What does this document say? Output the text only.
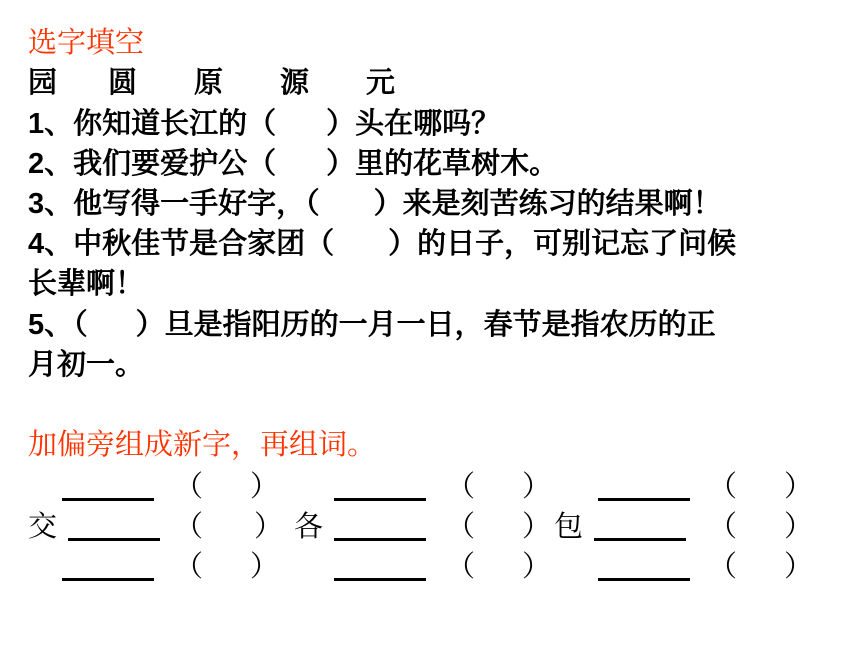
选字填空
园 圆 原 源 元
1、你知道长江的（ ）头在哪吗？
2、我们要爱护公（ ）里的花草树木。
3、他写得一手好字，（ ）来是刻苦练习的结果啊！
4、中秋佳节是合家团（ ）的日子，可别记忘了问候
长辈啊！
5、（ ）旦是指阳历的一月一日，春节是指农历的正
月初一。
加偏旁组成新字，再组词。
（ ）	（ ）	（ ）
交	（ ） 各	（ ） 包	（ ）
（ ）	（ ）	（ ）
